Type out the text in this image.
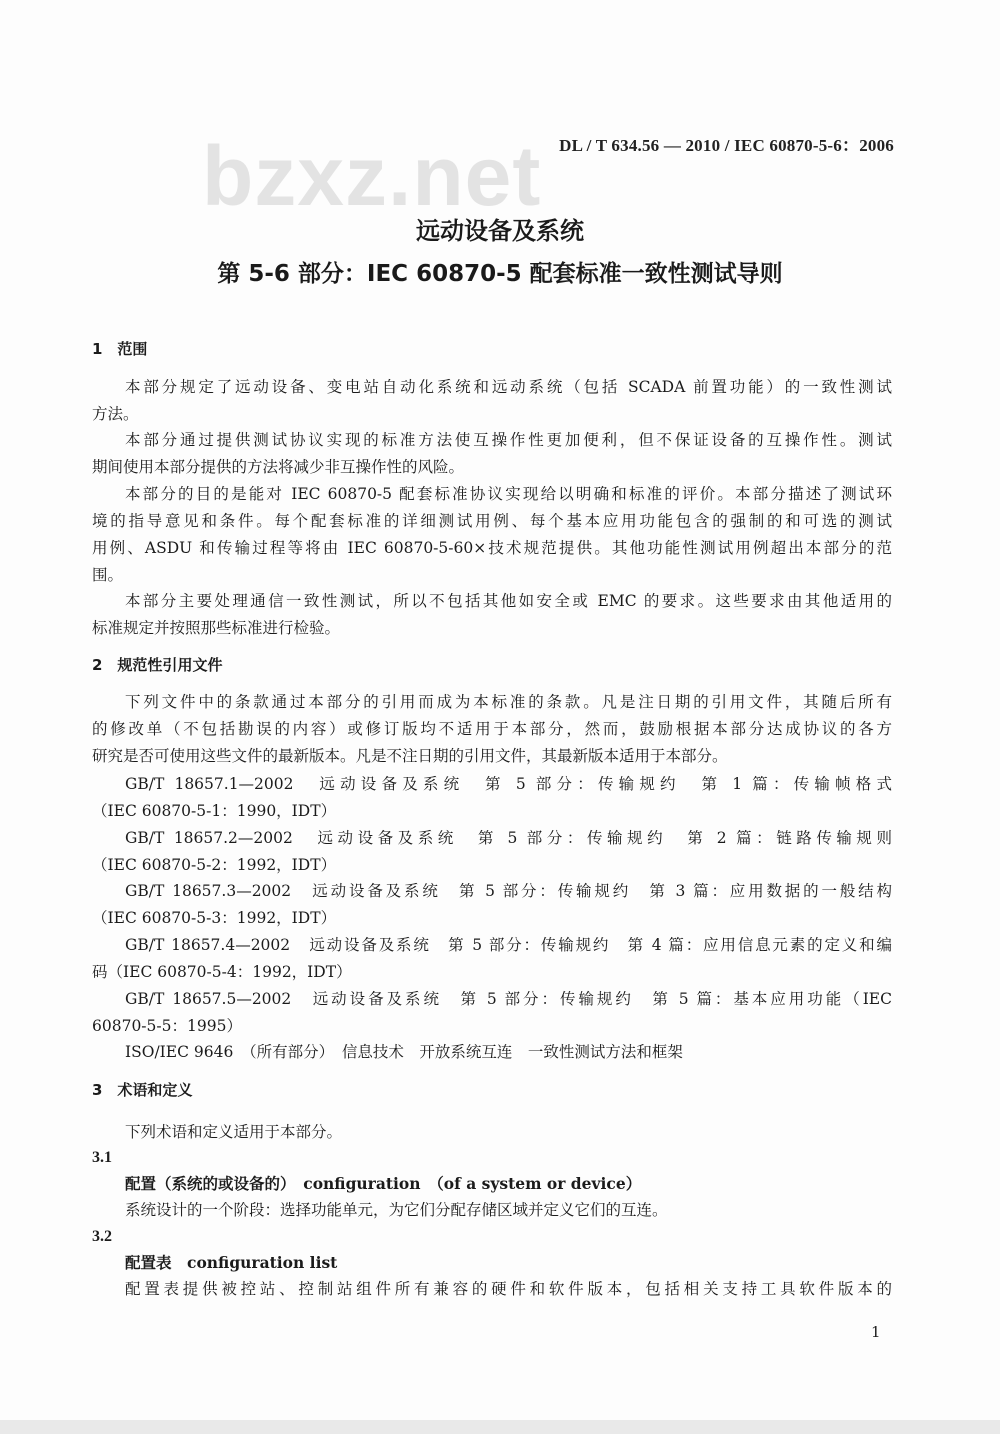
bzxz.net DL / T 634.56 — 2010 / IEC 60870-5-6：2006
远动设备及系统
第 5-6 部分：IEC 60870-5 配套标准一致性测试导则
1　范围
本部分规定了远动设备、变电站自动化系统和远动系统（包括 SCADA 前置功能）的一致性测试
方法。
本部分通过提供测试协议实现的标准方法使互操作性更加便利，但不保证设备的互操作性。测试
期间使用本部分提供的方法将减少非互操作性的风险。
本部分的目的是能对 IEC 60870-5 配套标准协议实现给以明确和标准的评价。本部分描述了测试环
境的指导意见和条件。每个配套标准的详细测试用例、每个基本应用功能包含的强制的和可选的测试
用例、ASDU 和传输过程等将由 IEC 60870-5-60×技术规范提供。其他功能性测试用例超出本部分的范
围。
本部分主要处理通信一致性测试，所以不包括其他如安全或 EMC 的要求。这些要求由其他适用的
标准规定并按照那些标准进行检验。
2　规范性引用文件
下列文件中的条款通过本部分的引用而成为本标准的条款。凡是注日期的引用文件，其随后所有
的修改单（不包括勘误的内容）或修订版均不适用于本部分，然而，鼓励根据本部分达成协议的各方
研究是否可使用这些文件的最新版本。凡是不注日期的引用文件，其最新版本适用于本部分。
GB/T 18657.1—2002　远动设备及系统　第 5 部分：传输规约　第 1 篇：传输帧格式
（IEC 60870-5-1：1990，IDT）
GB/T 18657.2—2002　远动设备及系统　第 5 部分：传输规约　第 2 篇：链路传输规则
（IEC 60870-5-2：1992，IDT）
GB/T 18657.3—2002　远动设备及系统　第 5 部分：传输规约　第 3 篇：应用数据的一般结构
（IEC 60870-5-3：1992，IDT）
GB/T 18657.4—2002　远动设备及系统　第 5 部分：传输规约　第 4 篇：应用信息元素的定义和编
码（IEC 60870-5-4：1992，IDT）
GB/T 18657.5—2002　远动设备及系统　第 5 部分：传输规约　第 5 篇：基本应用功能（IEC
60870-5-5：1995）
ISO/IEC 9646　（所有部分）　信息技术　开放系统互连　一致性测试方法和框架
3　术语和定义
下列术语和定义适用于本部分。
3.1
配置（系统的或设备的）　configuration　（of a system or device）
系统设计的一个阶段：选择功能单元，为它们分配存储区域并定义它们的互连。
3.2
配置表　configuration list
配置表提供被控站、控制站组件所有兼容的硬件和软件版本，包括相关支持工具软件版本的
1
